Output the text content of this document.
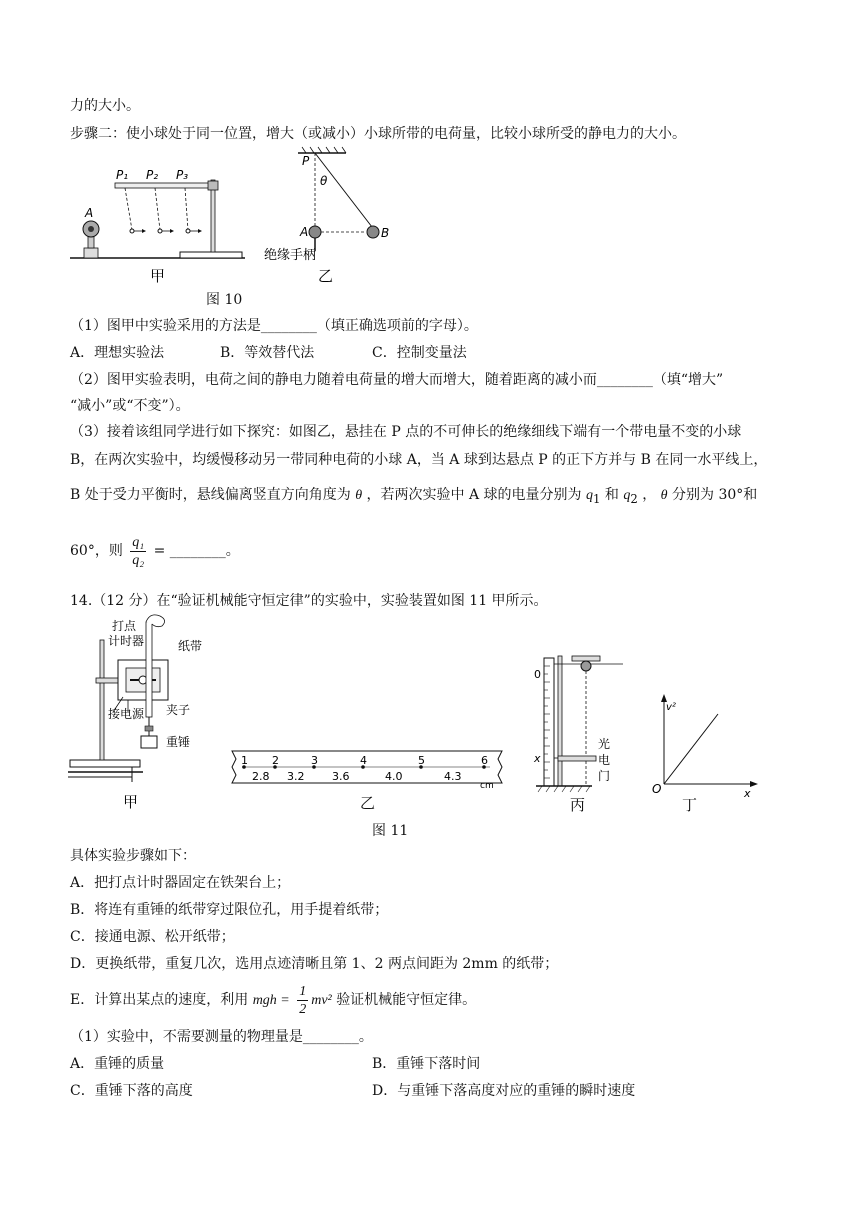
力的大小。
步骤二：使小球处于同一位置，增大（或减小）小球所带的电荷量，比较小球所受的静电力的大小。
A
P₁ P₂ P₃
甲
P
θ
A	B
绝缘手柄
乙
图 10
（1）图甲中实验采用的方法是________（填正确选项前的字母）。
A．理想实验法	B．等效替代法	C．控制变量法
（2）图甲实验表明，电荷之间的静电力随着电荷量的增大而增大，随着距离的减小而________（填“增大”
“减小”或“不变”）。
（3）接着该组同学进行如下探究：如图乙，悬挂在 P 点的不可伸长的绝缘细线下端有一个带电量不变的小球
B，在两次实验中，均缓慢移动另一带同种电荷的小球 A，当 A 球到达悬点 P 的正下方并与 B 在同一水平线上，
B 处于受力平衡时，悬线偏离竖直方向角度为 θ ，若两次实验中 A 球的电量分别为 $q_1$ 和 $q_2$ ， θ 分别为 30°和
60°，则 $\frac{\text{q₁}}{\text{q₂}}$ = ________。
14.（12 分）在“验证机械能守恒定律”的实验中，实验装置如图 11 甲所示。
打点
计时器	纸带
接电源 夹子
重锤
甲
1 2	3	4	5	6
2.8 3.2	3.6	4.0	4.3
cm
乙
0
x
光
电
门
丙
v²
O	x
丁
图 11
具体实验步骤如下：
A．把打点计时器固定在铁架台上；
B．将连有重锤的纸带穿过限位孔，用手提着纸带；
C．接通电源、松开纸带；
D．更换纸带，重复几次，选用点迹清晰且第 1、2 两点间距为 2mm 的纸带；
E．计算出某点的速度，利用 mgh = $\frac{1}{2} mv^2$ 验证机械能守恒定律。
（1）实验中，不需要测量的物理量是________。
A．重锤的质量	B．重锤下落时间
C．重锤下落的高度	D．与重锤下落高度对应的重锤的瞬时速度
